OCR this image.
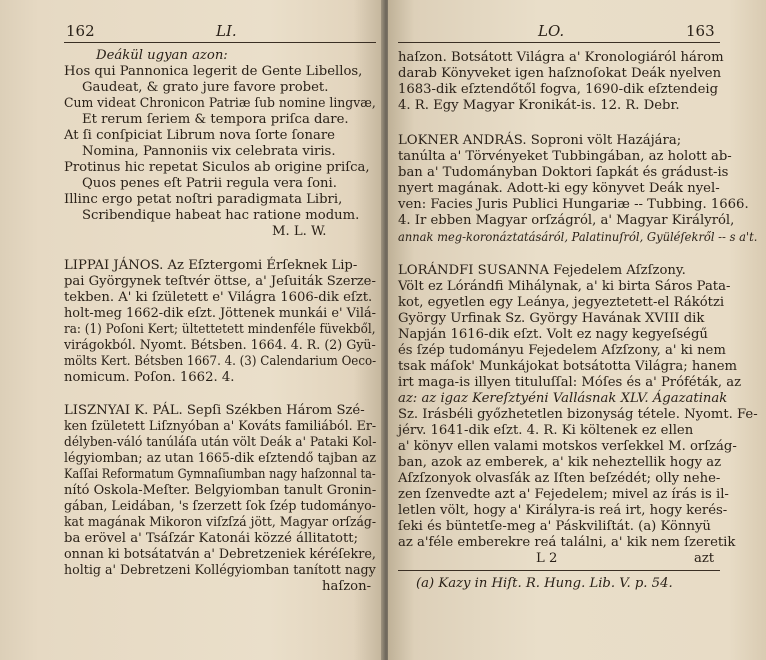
162	LI.
Deákül ugyan azon:
Hos qui Pannonica legerit de Gente Libellos,
Gaudeat, & grato jure favore probet.
Cum videat Chronicon Patriæ ſub nomine lingvæ,
Et rerum ſeriem & tempora priſca dare.
At ſi conſpiciat Librum nova ſorte ſonare
Nomina, Pannoniis vix celebrata viris.
Protinus hic repetat Siculos ab origine priſca,
Quos penes eſt Patrii regula vera ſoni.
Illinc ergo petat noſtri paradigmata Libri,
Scribendique habeat hac ratione modum.
M. L. W.
LIPPAI JÁNOS. Az Eſztergomi Érſeknek Lip-
pai Györgynek teſtvér öttse, a' Jeſuiták Szerze-
tekben. A' ki ſzületett e' Világra 1606-dik eſzt.
holt-meg 1662-dik eſzt. Jöttenek munkái e' Vilá-
ra: (1) Poſoni Kert; ültettetett mindenféle füvekből,
virágokból. Nyomt. Bétsben. 1664. 4. R. (2) Gyü-
mölts Kert. Bétsben 1667. 4. (3) Calendarium Oeco-
nomicum. Poſon. 1662. 4.
LISZNYAI K. PÁL. Sepſi Székben Három Szé-
ken ſzületett Liſznyóban a' Kováts familiából. Er-
délyben-váló tanúláſa után völt Deák a' Pataki Kol-
légyiomban; az utan 1665-dik eſztendő tajban az
Kaſſai Reformatum Gymnaſiumban nagy haſzonnal ta-
nító Oskola-Meſter. Belgyiomban tanult Gronin-
gában, Leidában, 's ſzerzett ſok ſzép tudományo-
kat magának Mikoron viſzſzá jött, Magyar orſzág-
ba erövel a' Tsáſzár Katonái közzé állitatott;
onnan ki botsátatván a' Debretzeniek kéréſekre,
holtig a' Debretzeni Kollégyiomban tanított nagy
haſzon-
LO.	163
haſzon. Botsátott Világra a' Kronologiáról három
darab Könyveket igen haſznoſokat Deák nyelven
1683-dik eſztendőtől fogva, 1690-dik eſztendeig
4. R. Egy Magyar Kronikát-is. 12. R. Debr.
LOKNER ANDRÁS. Soproni völt Hazájára;
tanúlta a' Törvényeket Tubbingában, az holott ab-
ban a' Tudományban Doktori ſapkát és grádust-is
nyert magának. Adott-ki egy könyvet Deák nyel-
ven: Facies Juris Publici Hungariæ -- Tubbing. 1666.
4. Ir ebben Magyar orſzágról, a' Magyar Királyról,
annak meg-koronáztatásáról, Palatinuſról, Gyüléſekről -- s a't.
LORÁNDFI SUSANNA Fejedelem Aſzſzony.
Völt ez Lórándfi Mihálynak, a' ki birta Sáros Pata-
kot, egyetlen egy Leánya, jegyeztetett-el Rákótzi
György Urfinak Sz. György Havának XVIII dik
Napján 1616-dik eſzt. Volt ez nagy kegyeſségű
és ſzép tudományu Fejedelem Aſzſzony, a' ki nem
tsak máſok' Munkájokat botsátotta Világra; hanem
irt maga-is illyen tituluſſal: Móſes és a' Próféták, az
az: az igaz Kereſztyéni Vallásnak XLV. Ágazatinak
Sz. Irásbéli győzhetetlen bizonyság tétele. Nyomt. Fe-
jérv. 1641-dik eſzt. 4. R. Ki költenek ez ellen
a' könyv ellen valami motskos verſekkel M. orſzág-
ban, azok az emberek, a' kik neheztellik hogy az
Aſzſzonyok olvasſák az Iſten beſzédét; olly nehe-
zen ſzenvedte azt a' Fejedelem; mivel az írás is il-
letlen völt, hogy a' Királyra-is reá irt, hogy kerés-
ſeki és büntetſe-meg a' Páskviliſtát. (a) Könnyü
az a'féle emberekre reá találni, a' kik nem ſzeretik
L 2	azt
(a) Kazy in Hiſt. R. Hung. Lib. V. p. 54.
